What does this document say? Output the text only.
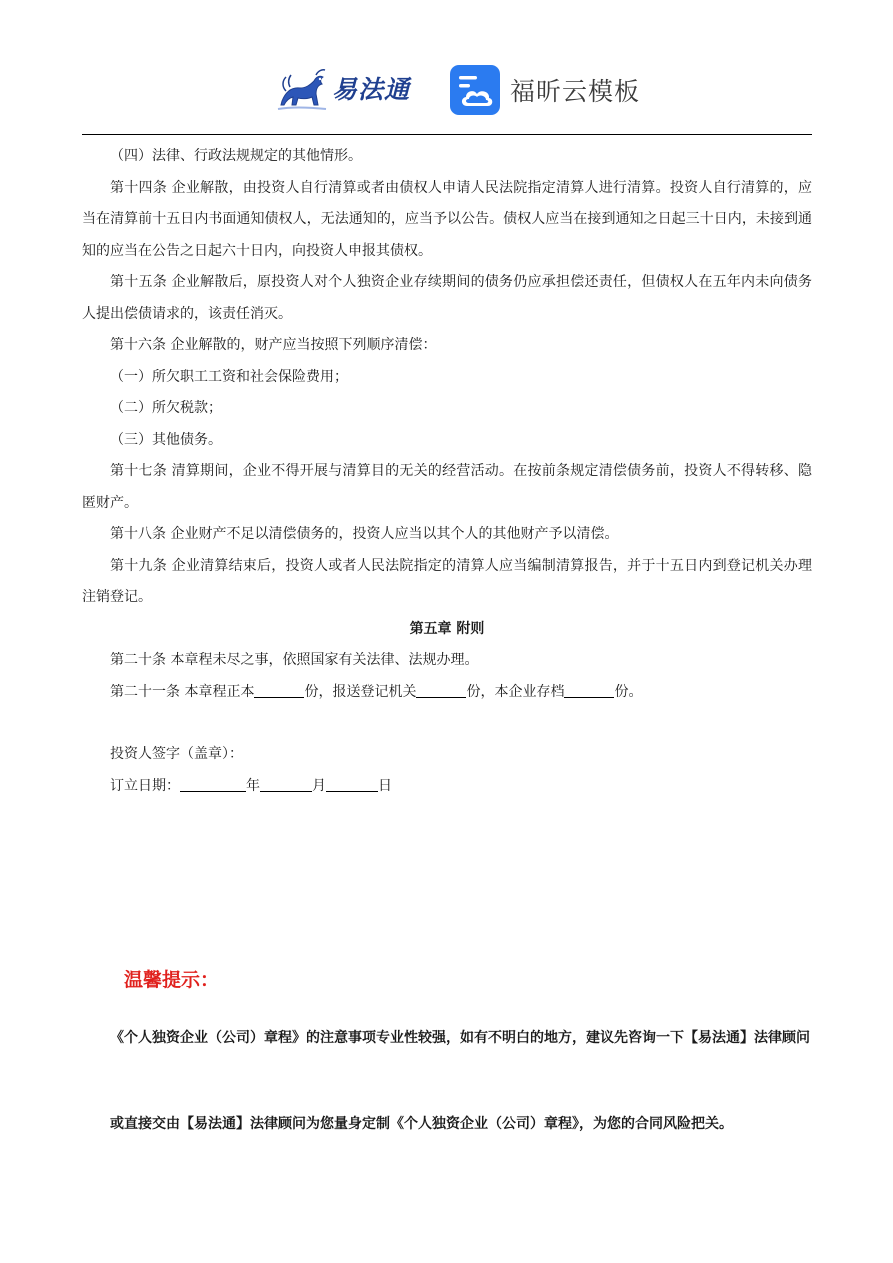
易法通	福昕云模板

（四）法律、行政法规规定的其他情形。

第十四条 企业解散，由投资人自行清算或者由债权人申请人民法院指定清算人进行清算。投资人自行清算的，应当在清算前十五日内书面通知债权人，无法通知的，应当予以公告。债权人应当在接到通知之日起三十日内，未接到通知的应当在公告之日起六十日内，向投资人申报其债权。

第十五条 企业解散后，原投资人对个人独资企业存续期间的债务仍应承担偿还责任，但债权人在五年内未向债务人提出偿债请求的，该责任消灭。

第十六条 企业解散的，财产应当按照下列顺序清偿：

（一）所欠职工工资和社会保险费用；

（二）所欠税款；

（三）其他债务。

第十七条 清算期间，企业不得开展与清算目的无关的经营活动。在按前条规定清偿债务前，投资人不得转移、隐匿财产。

第十八条 企业财产不足以清偿债务的，投资人应当以其个人的其他财产予以清偿。

第十九条 企业清算结束后，投资人或者人民法院指定的清算人应当编制清算报告，并于十五日内到登记机关办理注销登记。

第五章 附则

第二十条 本章程未尽之事，依照国家有关法律、法规办理。

第二十一条 本章程正本	份，报送登记机关	份，本企业存档	份。

投资人签字（盖章）：

订立日期：	年	月	日

温馨提示：

《个人独资企业（公司）章程》的注意事项专业性较强，如有不明白的地方，建议先咨询一下【易法通】法律顾问

或直接交由【易法通】法律顾问为您量身定制《个人独资企业（公司）章程》，为您的合同风险把关。
